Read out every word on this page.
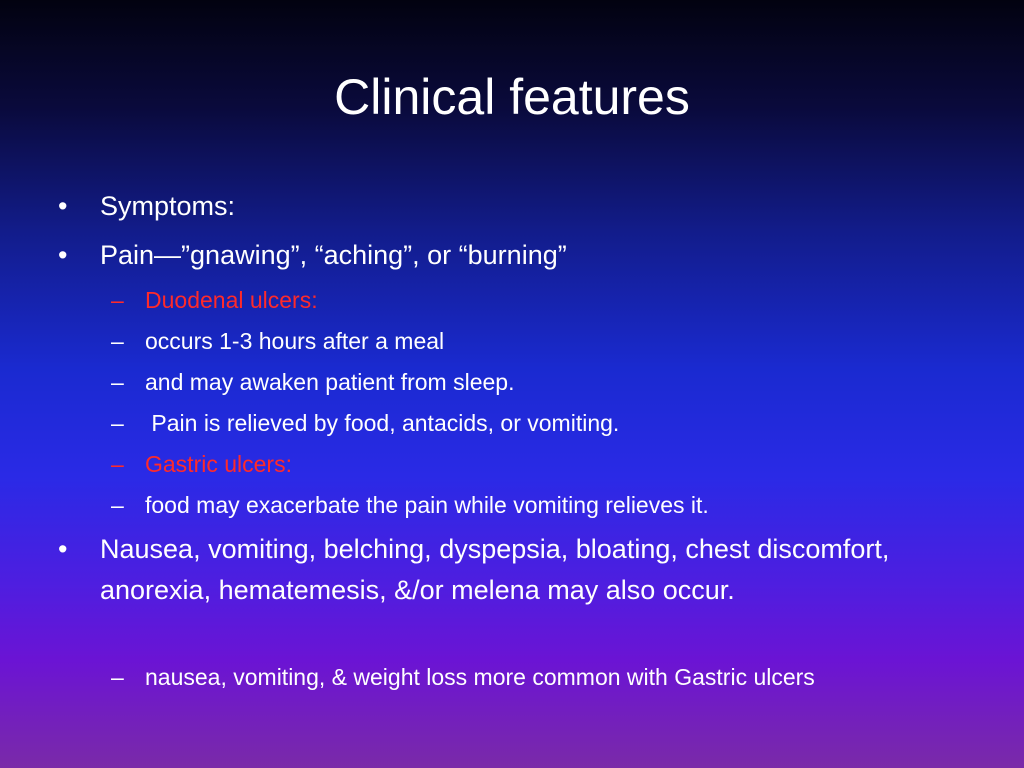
Clinical features
• Symptoms:
• Pain—”gnawing”, “aching”, or “burning”
– Duodenal ulcers:
– occurs 1-3 hours after a meal
– and may awaken patient from sleep.
– Pain is relieved by food, antacids, or vomiting.
– Gastric ulcers:
– food may exacerbate the pain while vomiting relieves it.
• Nausea, vomiting, belching, dyspepsia, bloating, chest discomfort, anorexia, hematemesis, &/or melena may also occur.
– nausea, vomiting, & weight loss more common with Gastric ulcers
